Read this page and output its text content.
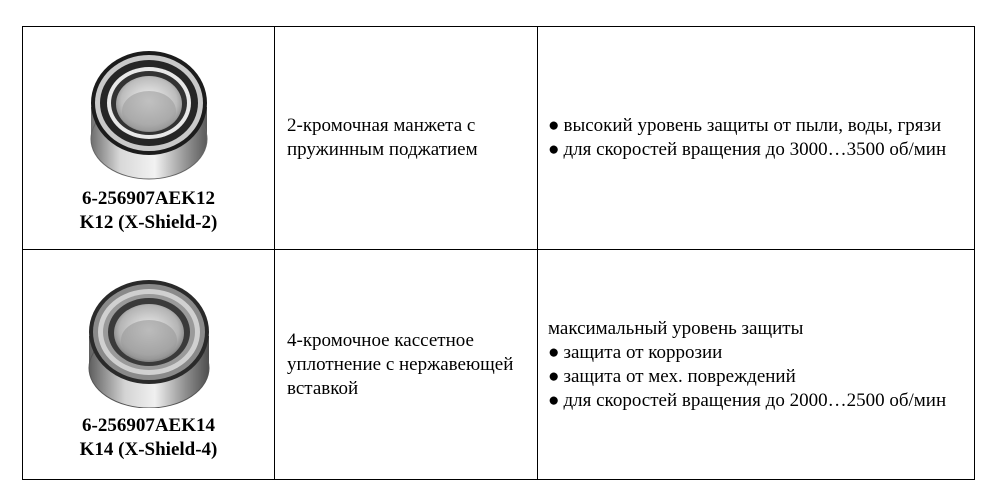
6-256907AEK12
K12 (X-Shield-2)	2-кромочная манжета с пружинным поджатием	● высокий уровень защиты от пыли, воды, грязи
● для скоростей вращения до 3000…3500 об/мин

6-256907AEK14
K14 (X-Shield-4)	4-кромочное кассетное уплотнение с нержавеющей вставкой	максимальный уровень защиты
● защита от коррозии
● защита от мех. повреждений
● для скоростей вращения до 2000…2500 об/мин
